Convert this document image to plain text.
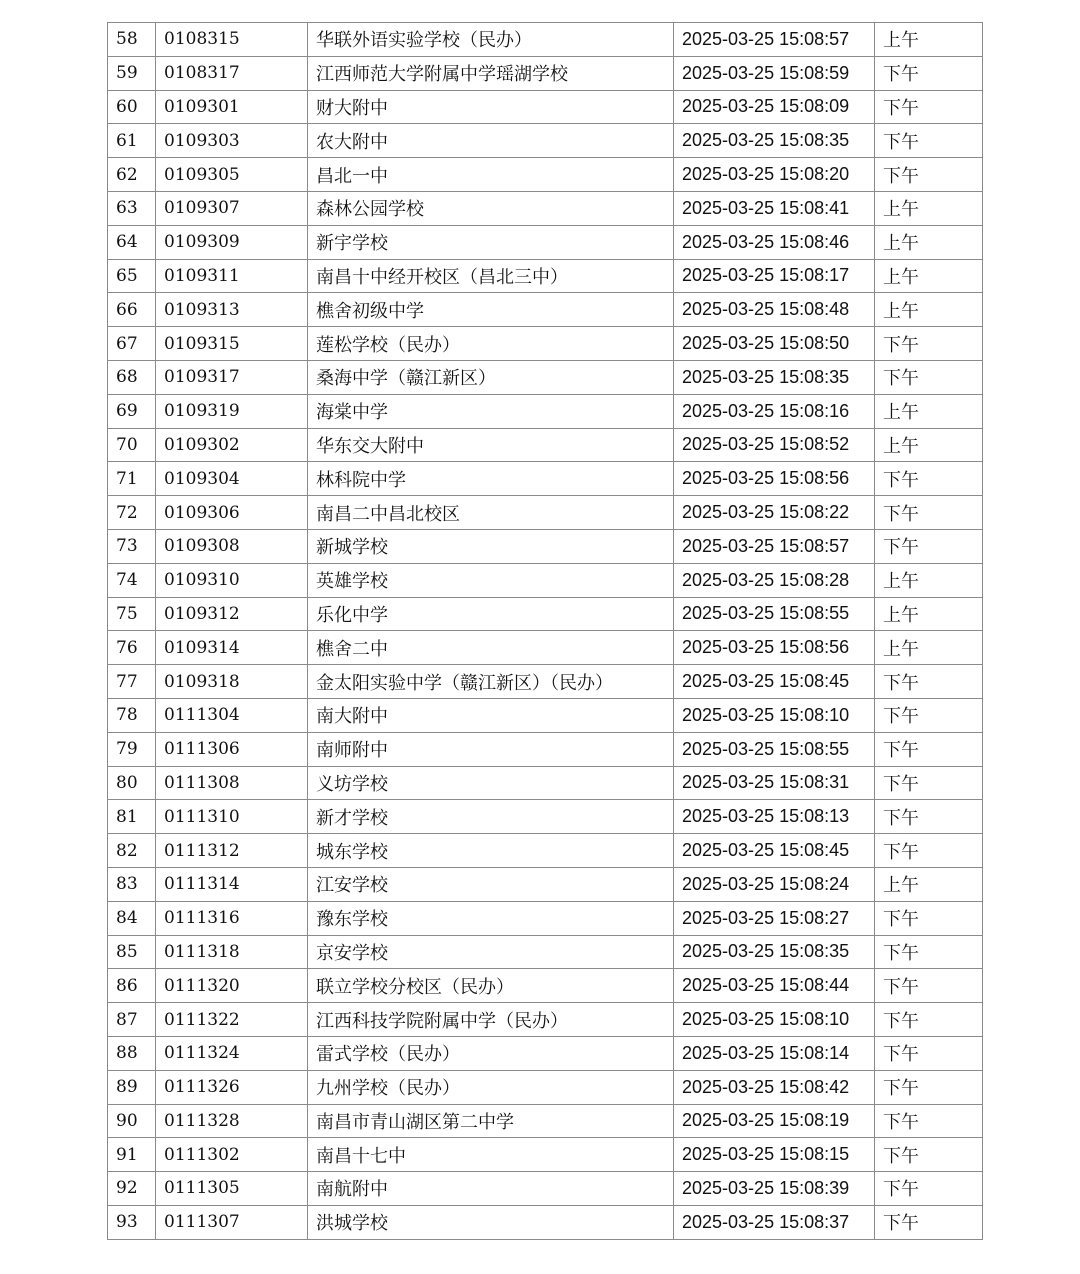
58	0108315	华联外语实验学校（民办）	2025-03-25 15:08:57	上午
59	0108317	江西师范大学附属中学瑶湖学校	2025-03-25 15:08:59	下午
60	0109301	财大附中	2025-03-25 15:08:09	下午
61	0109303	农大附中	2025-03-25 15:08:35	下午
62	0109305	昌北一中	2025-03-25 15:08:20	下午
63	0109307	森林公园学校	2025-03-25 15:08:41	上午
64	0109309	新宇学校	2025-03-25 15:08:46	上午
65	0109311	南昌十中经开校区（昌北三中）	2025-03-25 15:08:17	上午
66	0109313	樵舍初级中学	2025-03-25 15:08:48	上午
67	0109315	莲松学校（民办）	2025-03-25 15:08:50	下午
68	0109317	桑海中学（赣江新区）	2025-03-25 15:08:35	下午
69	0109319	海棠中学	2025-03-25 15:08:16	上午
70	0109302	华东交大附中	2025-03-25 15:08:52	上午
71	0109304	林科院中学	2025-03-25 15:08:56	下午
72	0109306	南昌二中昌北校区	2025-03-25 15:08:22	下午
73	0109308	新城学校	2025-03-25 15:08:57	下午
74	0109310	英雄学校	2025-03-25 15:08:28	上午
75	0109312	乐化中学	2025-03-25 15:08:55	上午
76	0109314	樵舍二中	2025-03-25 15:08:56	上午
77	0109318	金太阳实验中学（赣江新区）（民办）	2025-03-25 15:08:45	下午
78	0111304	南大附中	2025-03-25 15:08:10	下午
79	0111306	南师附中	2025-03-25 15:08:55	下午
80	0111308	义坊学校	2025-03-25 15:08:31	下午
81	0111310	新才学校	2025-03-25 15:08:13	下午
82	0111312	城东学校	2025-03-25 15:08:45	下午
83	0111314	江安学校	2025-03-25 15:08:24	上午
84	0111316	豫东学校	2025-03-25 15:08:27	下午
85	0111318	京安学校	2025-03-25 15:08:35	下午
86	0111320	联立学校分校区（民办）	2025-03-25 15:08:44	下午
87	0111322	江西科技学院附属中学（民办）	2025-03-25 15:08:10	下午
88	0111324	雷式学校（民办）	2025-03-25 15:08:14	下午
89	0111326	九州学校（民办）	2025-03-25 15:08:42	下午
90	0111328	南昌市青山湖区第二中学	2025-03-25 15:08:19	下午
91	0111302	南昌十七中	2025-03-25 15:08:15	下午
92	0111305	南航附中	2025-03-25 15:08:39	下午
93	0111307	洪城学校	2025-03-25 15:08:37	下午
